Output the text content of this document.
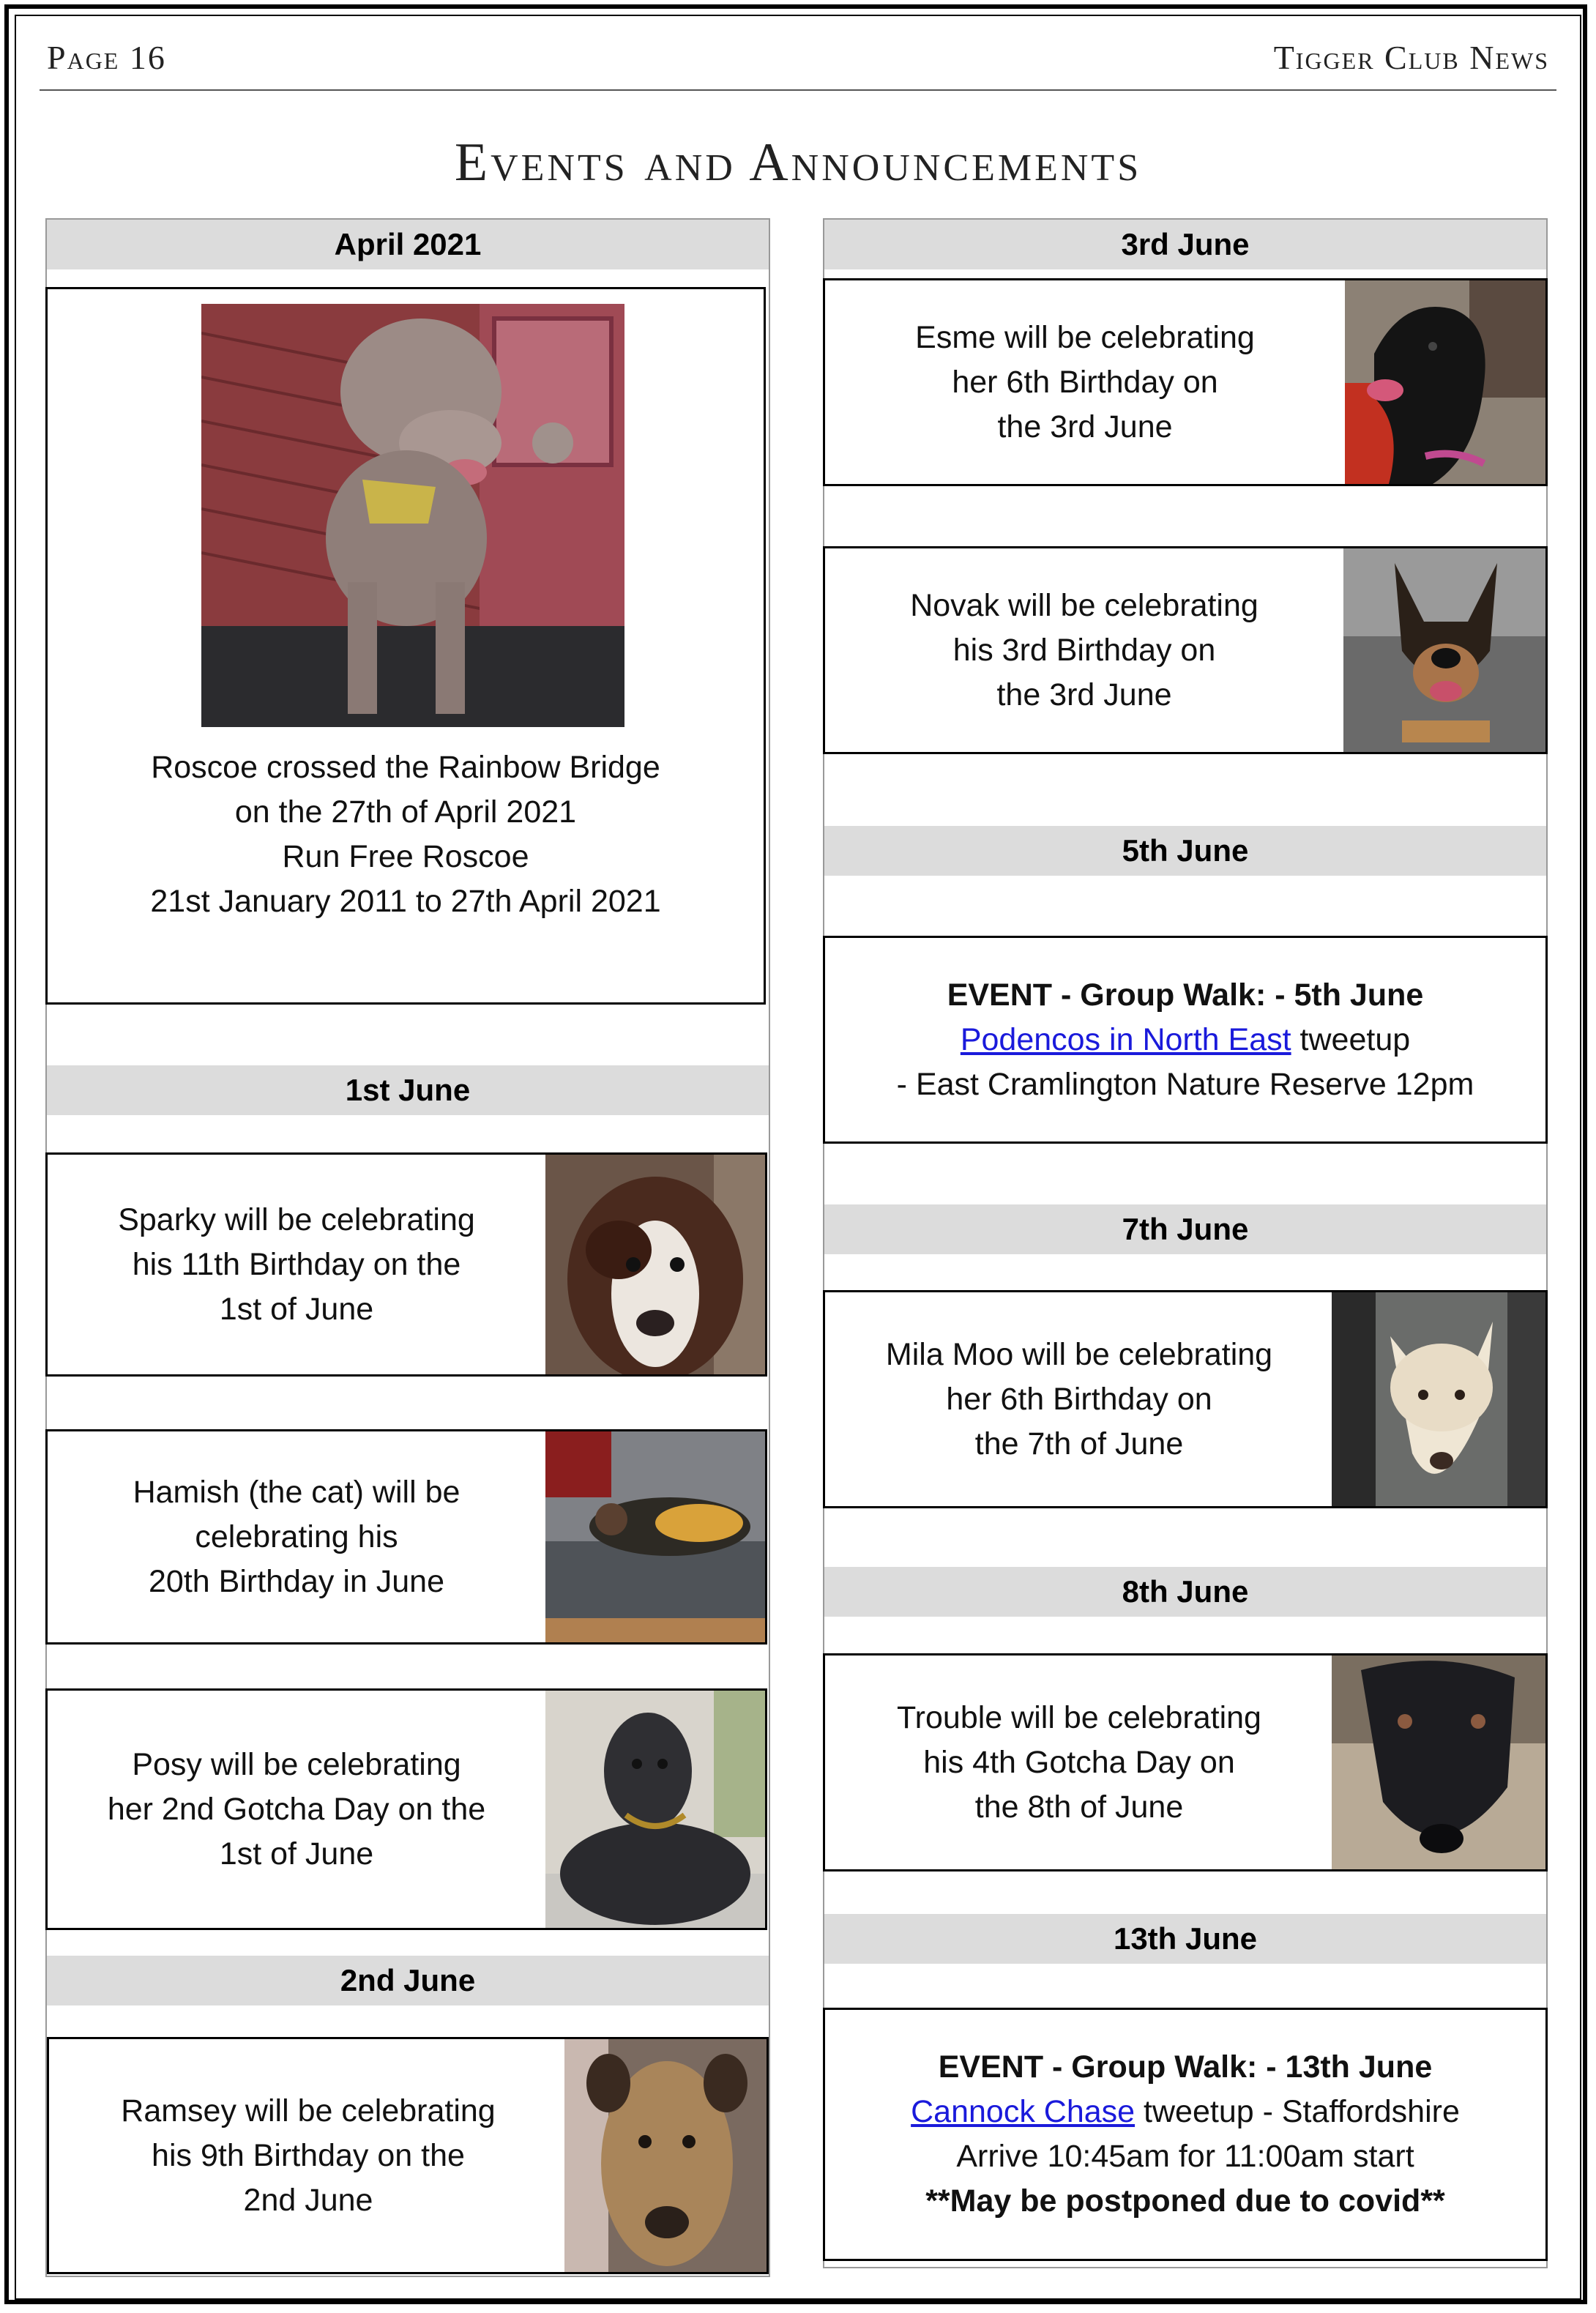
Page 16	Tigger Club News
Events and Announcements
April 2021
Roscoe crossed the Rainbow Bridge
on the 27th of April 2021
Run Free Roscoe
21st January 2011 to 27th April 2021
1st June
Sparky will be celebrating
his 11th Birthday on the
1st of June
Hamish (the cat) will be
celebrating his
20th Birthday in June
Posy will be celebrating
her 2nd Gotcha Day on the
1st of June
2nd June
Ramsey will be celebrating
his 9th Birthday on the
2nd June
3rd June
Esme will be celebrating
her 6th Birthday on
the 3rd June
Novak will be celebrating
his 3rd Birthday on
the 3rd June
5th June
EVENT - Group Walk: - 5th June
Podencos in North East tweetup
- East Cramlington Nature Reserve 12pm
7th June
Mila Moo will be celebrating
her 6th Birthday on
the 7th of June
8th June
Trouble will be celebrating
his 4th Gotcha Day on
the 8th of June
13th June
EVENT - Group Walk: - 13th June
Cannock Chase tweetup - Staffordshire
Arrive 10:45am for 11:00am start
**May be postponed due to covid**
